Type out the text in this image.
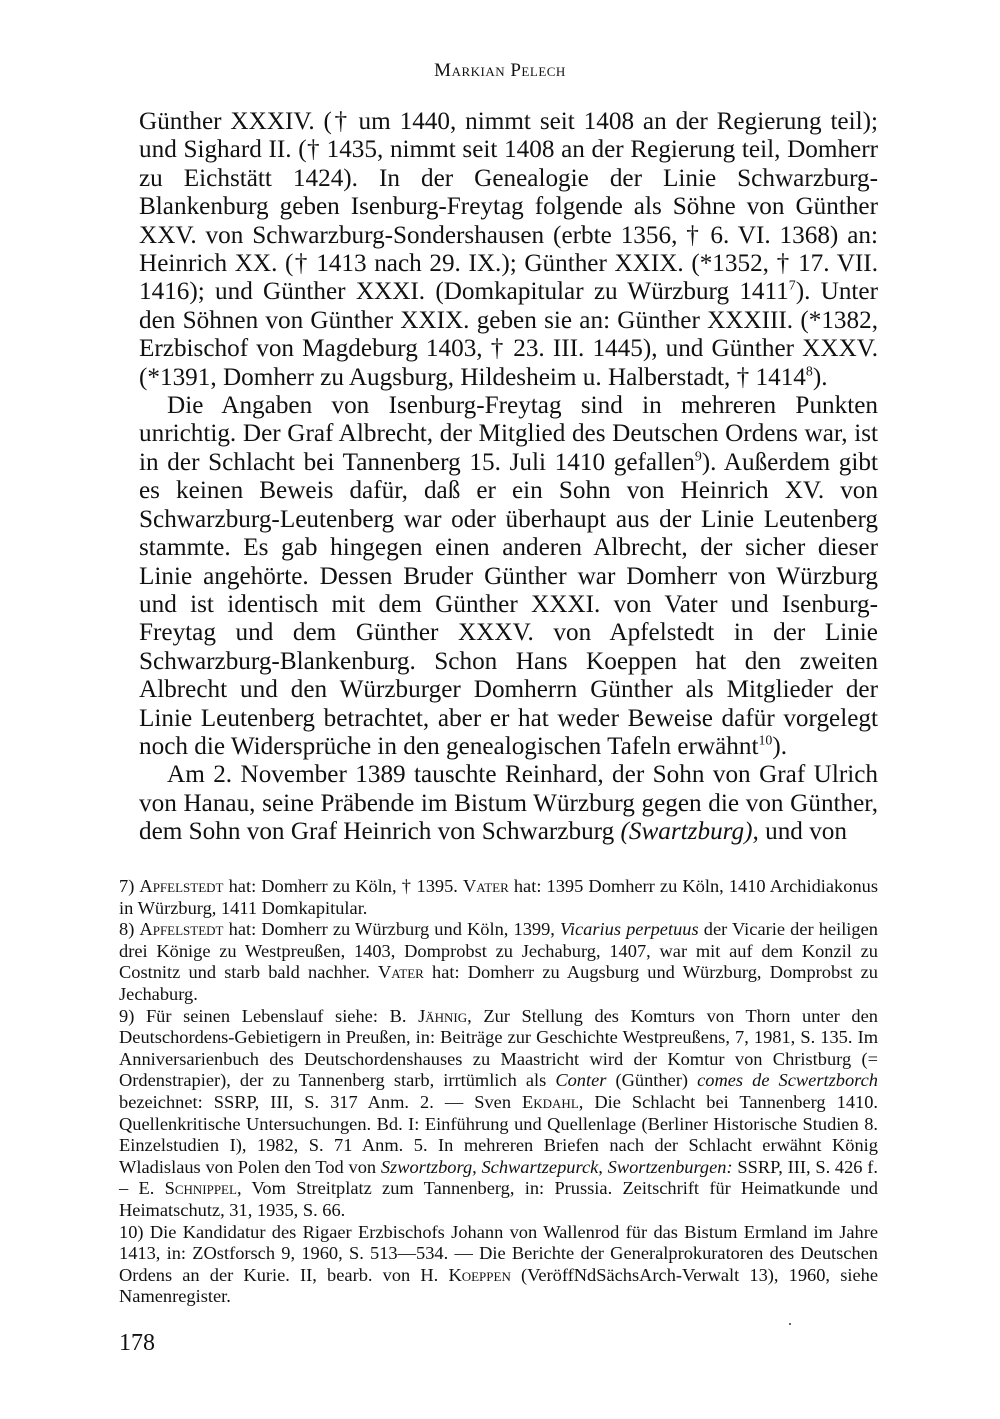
Markian Pelech

Günther XXXIV. († um 1440, nimmt seit 1408 an der Regierung teil); und Sighard II. († 1435, nimmt seit 1408 an der Regierung teil, Domherr zu Eichstätt 1424). In der Genealogie der Linie Schwarzburg-Blankenburg geben Isenburg-Freytag folgende als Söhne von Günther XXV. von Schwarzburg-Sondershausen (erbte 1356, † 6. VI. 1368) an: Heinrich XX. († 1413 nach 29. IX.); Günther XXIX. (*1352, † 17. VII. 1416); und Günther XXXI. (Domkapitular zu Würzburg 1411$^7$). Unter den Söhnen von Günther XXIX. geben sie an: Günther XXXIII. (*1382, Erzbischof von Magdeburg 1403, † 23. III. 1445), und Günther XXXV. (*1391, Domherr zu Augsburg, Hildesheim u. Halberstadt, † 1414$^8$).

Die Angaben von Isenburg-Freytag sind in mehreren Punkten unrichtig. Der Graf Albrecht, der Mitglied des Deutschen Ordens war, ist in der Schlacht bei Tannenberg 15. Juli 1410 gefallen$^9$). Außerdem gibt es keinen Beweis dafür, daß er ein Sohn von Heinrich XV. von Schwarzburg-Leutenberg war oder überhaupt aus der Linie Leutenberg stammte. Es gab hingegen einen anderen Albrecht, der sicher dieser Linie angehörte. Dessen Bruder Günther war Domherr von Würzburg und ist identisch mit dem Günther XXXI. von Vater und Isenburg-Freytag und dem Günther XXXV. von Apfelstedt in der Linie Schwarzburg-Blankenburg. Schon Hans Koeppen hat den zweiten Albrecht und den Würzburger Domherrn Günther als Mitglieder der Linie Leutenberg betrachtet, aber er hat weder Beweise dafür vorgelegt noch die Widersprüche in den genealogischen Tafeln erwähnt$^{10}$).

Am 2. November 1389 tauschte Reinhard, der Sohn von Graf Ulrich von Hanau, seine Präbende im Bistum Würzburg gegen die von Günther, dem Sohn von Graf Heinrich von Schwarzburg (Swartzburg), und von

7) Apfelstedt hat: Domherr zu Köln, † 1395. Vater hat: 1395 Domherr zu Köln, 1410 Archidiakonus in Würzburg, 1411 Domkapitular.

8) Apfelstedt hat: Domherr zu Würzburg und Köln, 1399, Vicarius perpetuus der Vicarie der heiligen drei Könige zu Westpreußen, 1403, Domprobst zu Jechaburg, 1407, war mit auf dem Konzil zu Costnitz und starb bald nachher. Vater hat: Domherr zu Augsburg und Würzburg, Domprobst zu Jechaburg.

9) Für seinen Lebenslauf siehe: B. Jähnig, Zur Stellung des Komturs von Thorn unter den Deutschordens-Gebietigern in Preußen, in: Beiträge zur Geschichte Westpreußens, 7, 1981, S. 135. Im Anniversarienbuch des Deutschordenshauses zu Maastricht wird der Komtur von Christburg (= Ordenstrapier), der zu Tannenberg starb, irrtümlich als Conter (Günther) comes de Scwertzborch bezeichnet: SSRP, III, S. 317 Anm. 2. — Sven Ekdahl, Die Schlacht bei Tannenberg 1410. Quellenkritische Untersuchungen. Bd. I: Einführung und Quellenlage (Berliner Historische Studien 8. Einzelstudien I), 1982, S. 71 Anm. 5. In mehreren Briefen nach der Schlacht erwähnt König Wladislaus von Polen den Tod von Szwortzborg, Schwartzepurck, Swortzenburgen: SSRP, III, S. 426 f. – E. Schnippel, Vom Streitplatz zum Tannenberg, in: Prussia. Zeitschrift für Heimatkunde und Heimatschutz, 31, 1935, S. 66.

10) Die Kandidatur des Rigaer Erzbischofs Johann von Wallenrod für das Bistum Ermland im Jahre 1413, in: ZOstforsch 9, 1960, S. 513—534. — Die Berichte der Generalprokuratoren des Deutschen Ordens an der Kurie. II, bearb. von H. Koeppen (VeröffNdSächsArch-Verwalt 13), 1960, siehe Namenregister.

178
